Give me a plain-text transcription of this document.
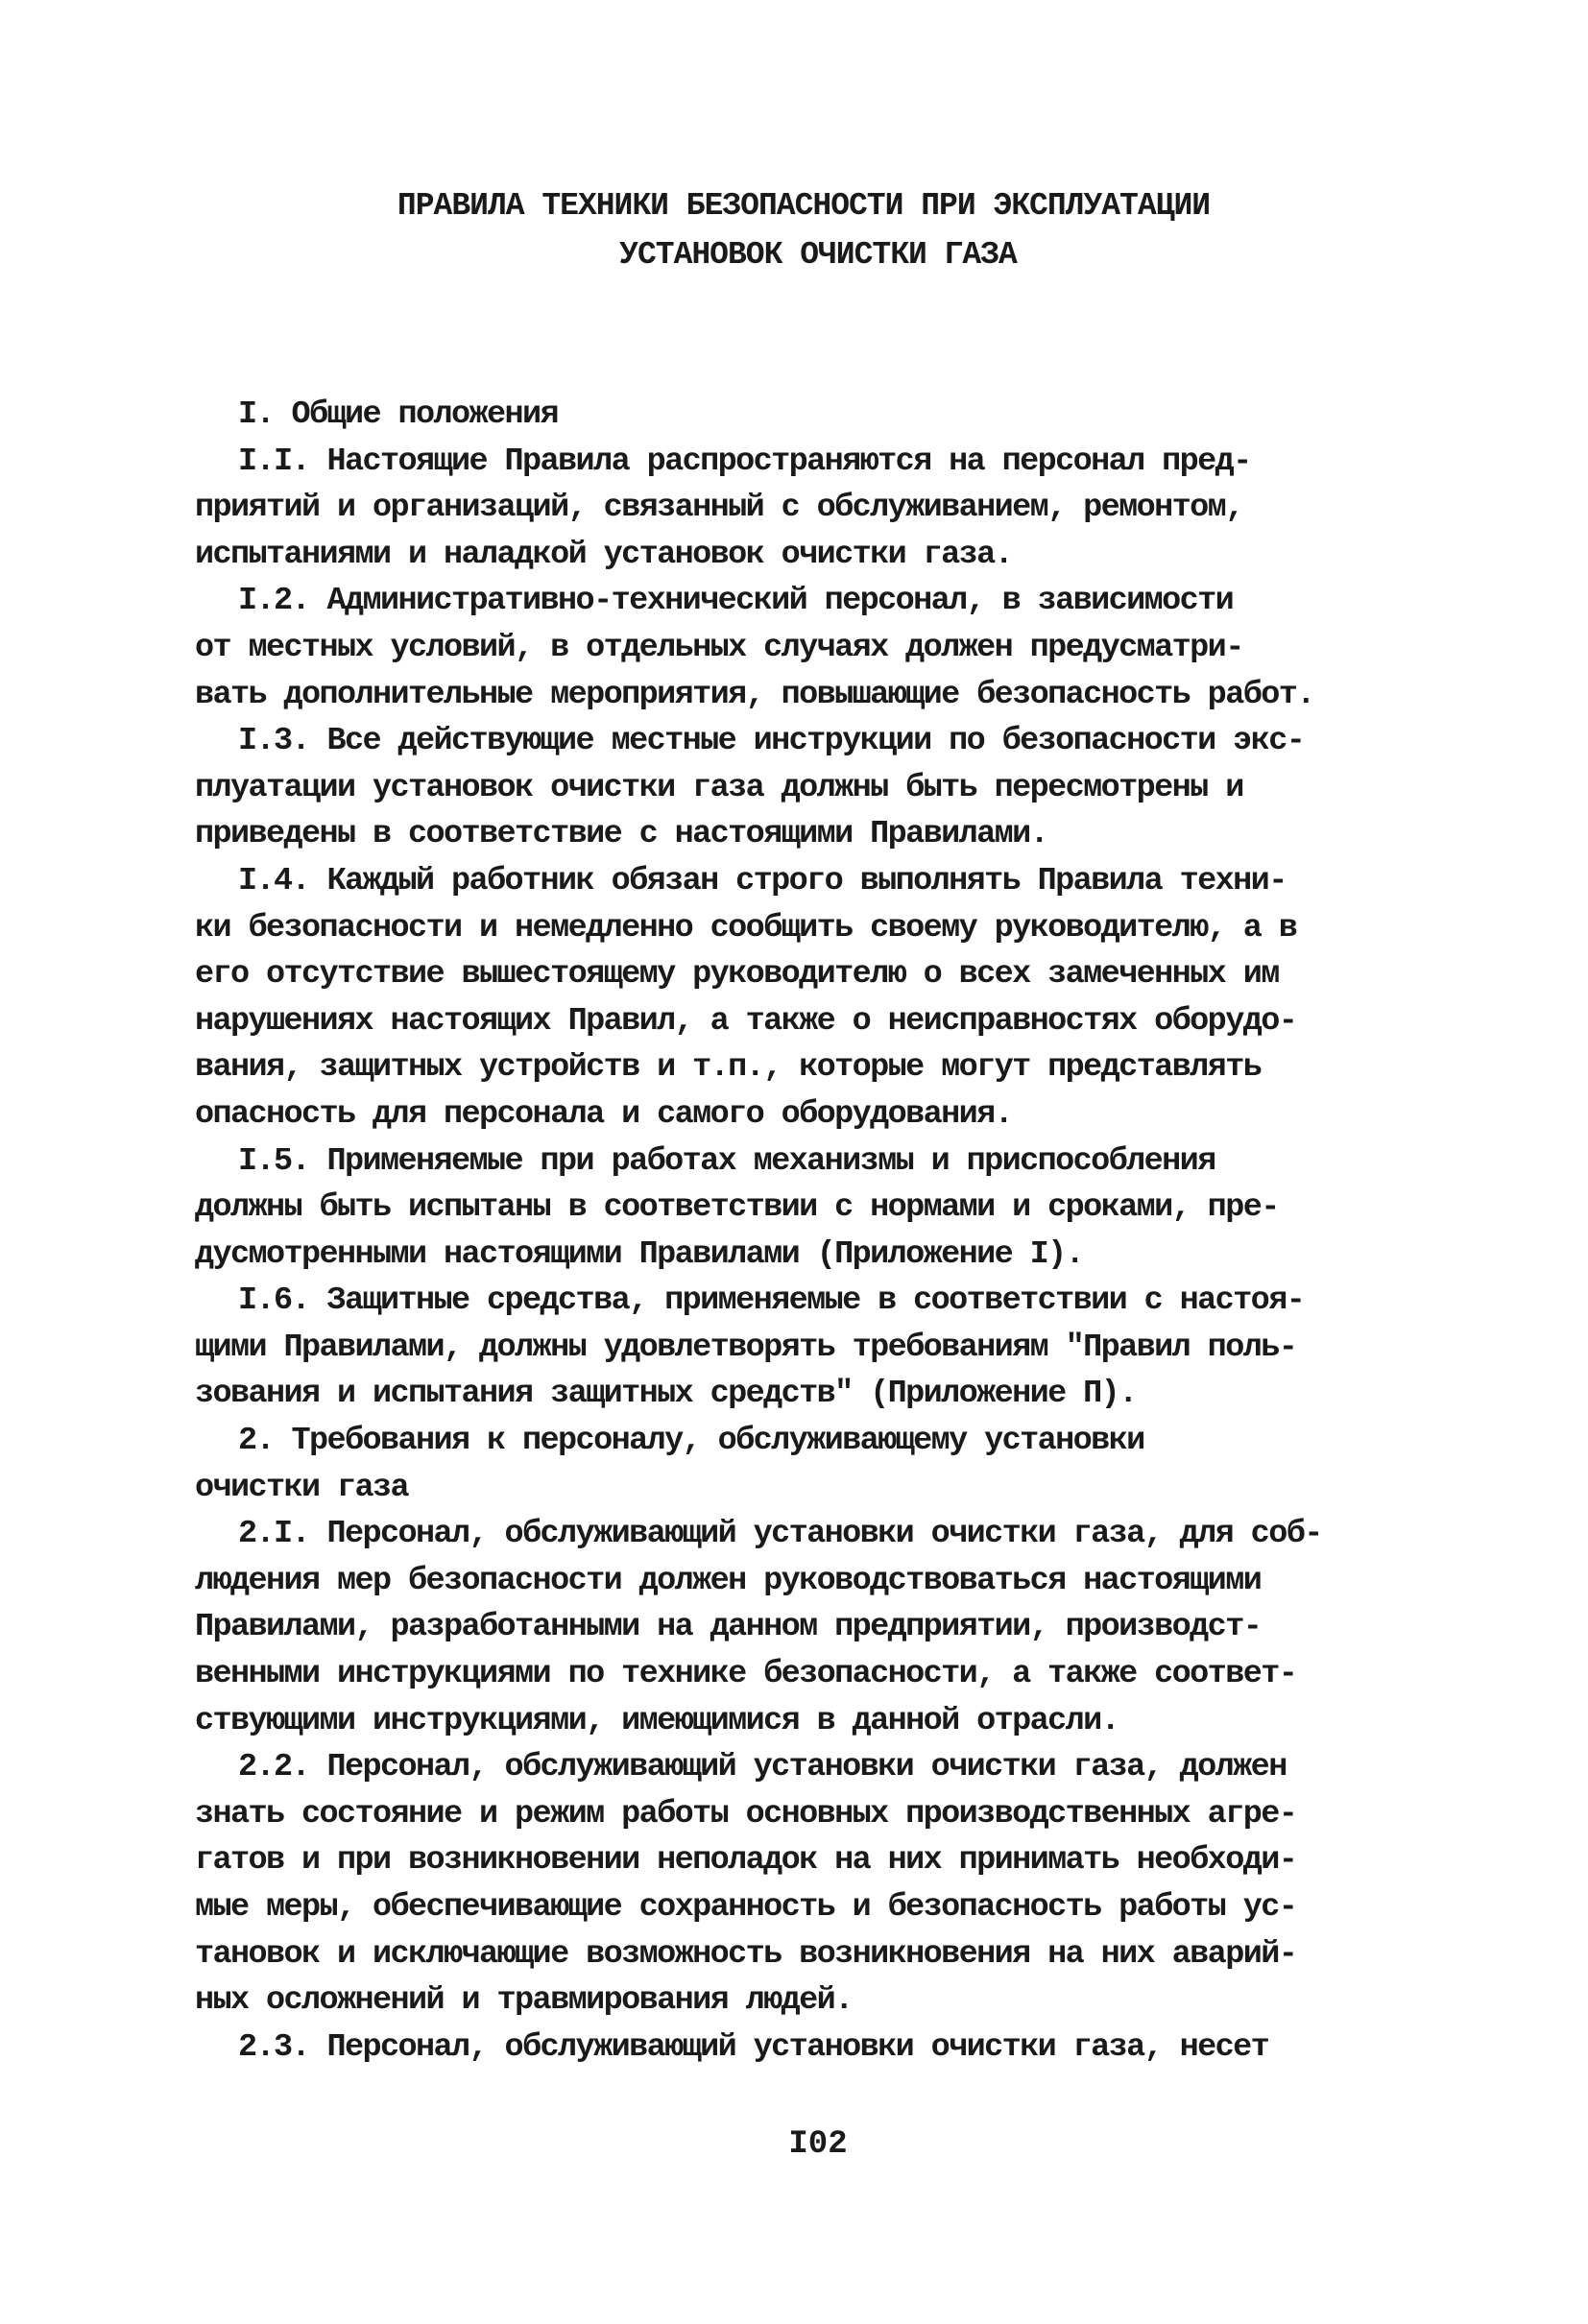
ПРАВИЛА ТЕХНИКИ БЕЗОПАСНОСТИ ПРИ ЭКСПЛУАТАЦИИ
УСТАНОВОК ОЧИСТКИ ГАЗА
I. Общие положения
I.I. Настоящие Правила распространяются на персонал пред-
приятий и организаций, связанный с обслуживанием, ремонтом,
испытаниями и наладкой установок очистки газа.
I.2. Административно-технический персонал, в зависимости
от местных условий, в отдельных случаях должен предусматри-
вать дополнительные мероприятия, повышающие безопасность работ.
I.3. Все действующие местные инструкции по безопасности экс-
плуатации установок очистки газа должны быть пересмотрены и
приведены в соответствие с настоящими Правилами.
I.4. Каждый работник обязан строго выполнять Правила техни-
ки безопасности и немедленно сообщить своему руководителю, а в
его отсутствие вышестоящему руководителю о всех замеченных им
нарушениях настоящих Правил, а также о неисправностях оборудо-
вания, защитных устройств и т.п., которые могут представлять
опасность для персонала и самого оборудования.
I.5. Применяемые при работах механизмы и приспособления
должны быть испытаны в соответствии с нормами и сроками, пре-
дусмотренными настоящими Правилами (Приложение I).
I.6. Защитные средства, применяемые в соответствии с настоя-
щими Правилами, должны удовлетворять требованиям "Правил поль-
зования и испытания защитных средств" (Приложение П).
2. Требования к персоналу, обслуживающему установки
очистки газа
2.I. Персонал, обслуживающий установки очистки газа, для соб-
людения мер безопасности должен руководствоваться настоящими
Правилами, разработанными на данном предприятии, производст-
венными инструкциями по технике безопасности, а также соответ-
ствующими инструкциями, имеющимися в данной отрасли.
2.2. Персонал, обслуживающий установки очистки газа, должен
знать состояние и режим работы основных производственных агре-
гатов и при возникновении неполадок на них принимать необходи-
мые меры, обеспечивающие сохранность и безопасность работы ус-
тановок и исключающие возможность возникновения на них аварий-
ных осложнений и травмирования людей.
2.3. Персонал, обслуживающий установки очистки газа, несет
I02
